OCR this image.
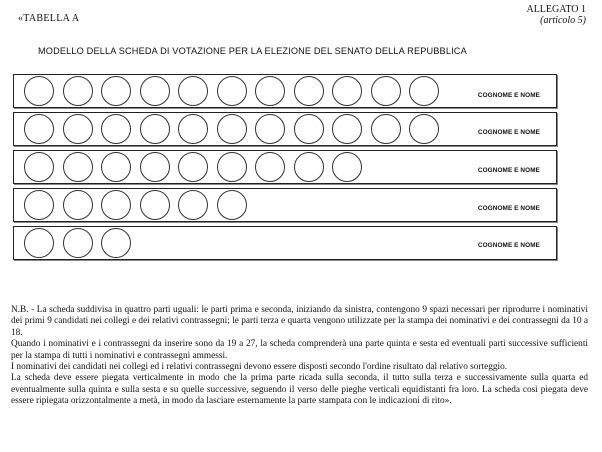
«TABELLA A
ALLEGATO 1
(articolo 5)
MODELLO DELLA SCHEDA DI VOTAZIONE PER LA ELEZIONE DEL SENATO DELLA REPUBBLICA
COGNOME E NOME
COGNOME E NOME
COGNOME E NOME
COGNOME E NOME
COGNOME E NOME

N.B. - La scheda suddivisa in quattro parti uguali: le parti prima e seconda, iniziando da sinistra, contengono 9 spazi necessari per riprodurre i nominativi dei primi 9 candidati nei collegi e dei relativi contrassegni; le parti terza e quarta vengono utilizzate per la stampa dei nominativi e dei contrassegni da 10 a 18.

Quando i nominativi e i contrassegni da inserire sono da 19 a 27, la scheda comprenderà una parte quinta e sesta ed eventuali parti successive sufficienti per la stampa di tutti i nominativi e contrassegni ammessi.

I nominativi dei candidati nei collegi ed i relativi contrassegni devono essere disposti secondo l'ordine risultato dal relativo sorteggio.

La scheda deve essere piegata verticalmente in modo che la prima parte ricada sulla seconda, il tutto sulla terza e successivamente sulla quarta ed eventualmente sulla quinta e sulla sesta e su quelle successive, seguendo il verso delle pieghe verticali equidistanti fra loro. La scheda così piegata deve essere ripiegata orizzontalmente a metà, in modo da lasciare esternamente la parte stampata con le indicazioni di rito».
